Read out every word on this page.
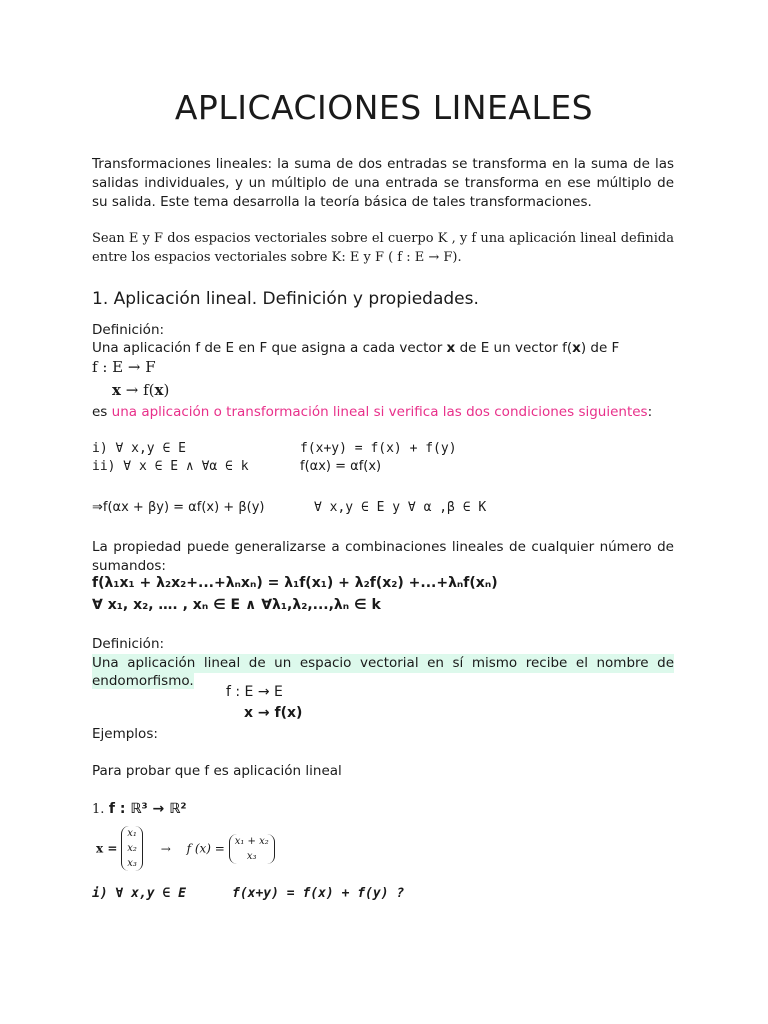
APLICACIONES LINEALES
Transformaciones lineales: la suma de dos entradas se transforma en la suma de las salidas individuales, y un múltiplo de una entrada se transforma en ese múltiplo de su salida. Este tema desarrolla la teoría básica de tales transformaciones.
Sean E y F dos espacios vectoriales sobre el cuerpo K , y f una aplicación lineal definida entre los espacios vectoriales sobre K: E y F ( f : E → F).
1. Aplicación lineal. Definición y propiedades.
Definición:
Una aplicación f de E en F que asigna a cada vector x de E un vector f(x) de F
f : E → F
x → f(x)
es una aplicación o transformación lineal si verifica las dos condiciones siguientes:
i) ∀ x,y ∈ E	f(x+y) = f(x) + f(y)
ii) ∀ x ∈ E ∧ ∀α ∈ k	f(αx) = αf(x)
⇒f(αx + βy) = αf(x) + β(y)	∀ x,y ∈ E y ∀ α ,β ∈ K
La propiedad puede generalizarse a combinaciones lineales de cualquier número de sumandos:
f(λ₁x₁ + λ₂x₂+...+λₙxₙ) = λ₁f(x₁) + λ₂f(x₂) +...+λₙf(xₙ)
∀ x₁, x₂, …. , xₙ ∈ E ∧ ∀λ₁,λ₂,...,λₙ ∈ k
Definición:
Una aplicación lineal de un espacio vectorial en sí mismo recibe el nombre de
endomorfismo.
f : E → E
x → f(x)
Ejemplos:
Para probar que f es aplicación lineal
1. f : ℝ³ → ℝ²
x =
x₁
x₂
x₃
→ f (x) =
x₁ + x₂
x₃
i) ∀ x,y ∈ E	f(x+y) = f(x) + f(y) ?
